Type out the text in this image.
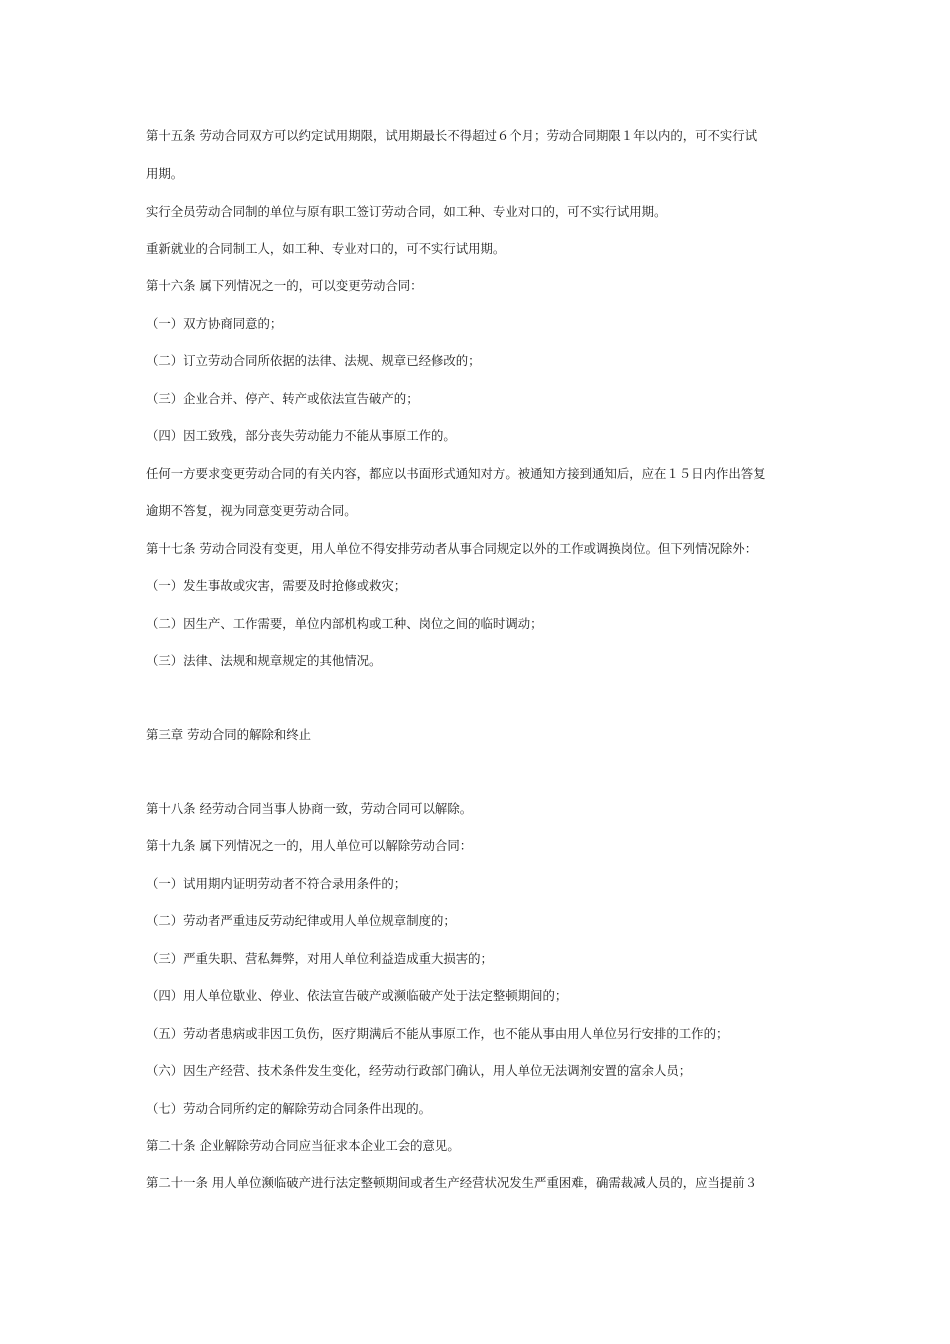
第十五条 劳动合同双方可以约定试用期限，试用期最长不得超过６个月；劳动合同期限１年以内的，可不实行试
用期。
实行全员劳动合同制的单位与原有职工签订劳动合同，如工种、专业对口的，可不实行试用期。
重新就业的合同制工人，如工种、专业对口的，可不实行试用期。
第十六条 属下列情况之一的，可以变更劳动合同：
（一）双方协商同意的；
（二）订立劳动合同所依据的法律、法规、规章已经修改的；
（三）企业合并、停产、转产或依法宣告破产的；
（四）因工致残，部分丧失劳动能力不能从事原工作的。
任何一方要求变更劳动合同的有关内容，都应以书面形式通知对方。被通知方接到通知后，应在１５日内作出答复
逾期不答复，视为同意变更劳动合同。
第十七条 劳动合同没有变更，用人单位不得安排劳动者从事合同规定以外的工作或调换岗位。但下列情况除外：
（一）发生事故或灾害，需要及时抢修或救灾；
（二）因生产、工作需要，单位内部机构或工种、岗位之间的临时调动；
（三）法律、法规和规章规定的其他情况。
第三章 劳动合同的解除和终止
第十八条 经劳动合同当事人协商一致，劳动合同可以解除。
第十九条 属下列情况之一的，用人单位可以解除劳动合同：
（一）试用期内证明劳动者不符合录用条件的；
（二）劳动者严重违反劳动纪律或用人单位规章制度的；
（三）严重失职、营私舞弊，对用人单位利益造成重大损害的；
（四）用人单位歇业、停业、依法宣告破产或濒临破产处于法定整顿期间的；
（五）劳动者患病或非因工负伤，医疗期满后不能从事原工作，也不能从事由用人单位另行安排的工作的；
（六）因生产经营、技术条件发生变化，经劳动行政部门确认，用人单位无法调剂安置的富余人员；
（七）劳动合同所约定的解除劳动合同条件出现的。
第二十条 企业解除劳动合同应当征求本企业工会的意见。
第二十一条 用人单位濒临破产进行法定整顿期间或者生产经营状况发生严重困难，确需裁减人员的，应当提前３
